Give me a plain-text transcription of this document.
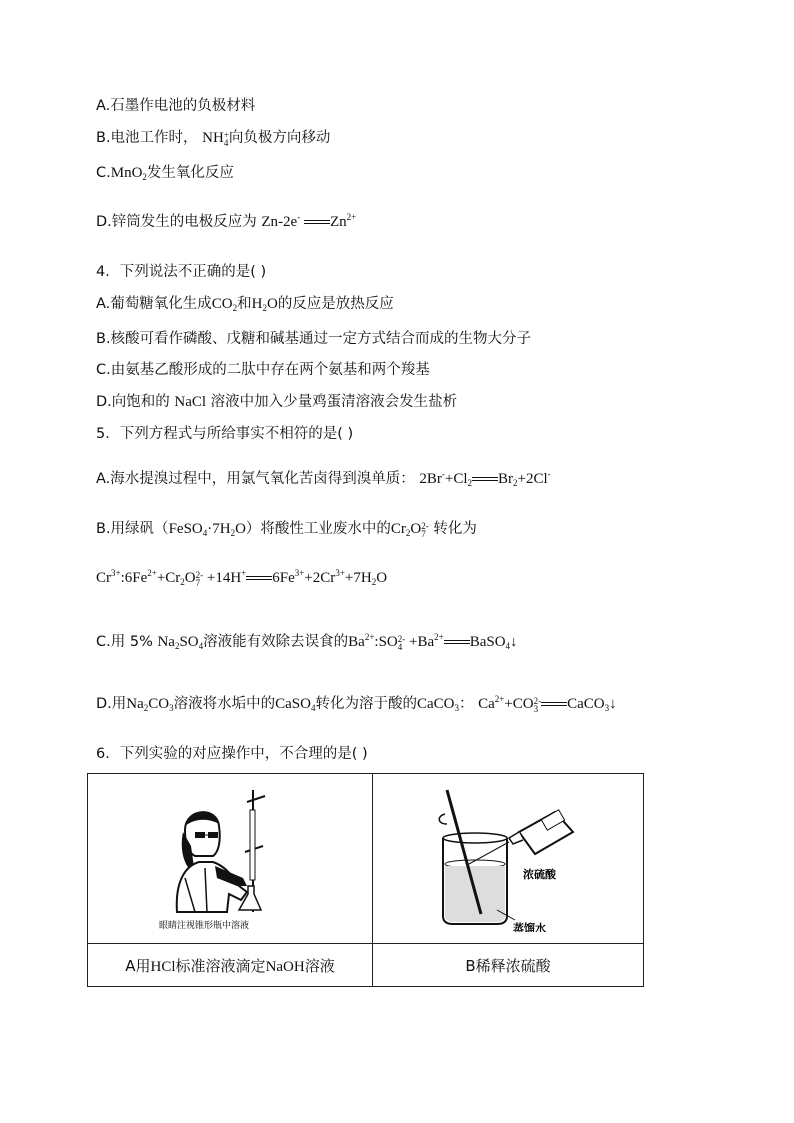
A.石墨作电池的负极材料
B.电池工作时， NH +
4 向负极方向移动
C.MnO$_2$发生氧化反应
D.锌筒发生的电极反应为 Zn-2e- $Zn^{2+}$
4．下列说法不正确的是( )
A.葡萄糖氧化生成$CO_2$和$H_2O$的反应是放热反应
B.核酸可看作磷酸、戊糖和碱基通过一定方式结合而成的生物大分子
C.由氨基乙酸形成的二肽中存在两个氨基和两个羧基
D.向饱和的 NaCl 溶液中加入少量鸡蛋清溶液会发生盐析
5．下列方程式与所给事实不相符的是( )
A.海水提溴过程中，用氯气氧化苦卤得到溴单质： $2Br^-+Cl_2$ $Br_2+2Cl^-$
B.用绿矾$(FeSO_4\cdot 7H_2O)$将酸性工业废水中的$Cr_2O$ 2-
7 转化为
$Cr^{3+}:6Fe^{2+}+Cr_2O$ 2-
7 +14H+ $6Fe^{3+}+2Cr^{3+}+7H_2O$
C.用 5% $Na_2SO_4$溶液能有效除去误食的$Ba^{2+}:SO$ 2-
$4 +Ba^{2+}$ BaSO$_4$↓
D.用$Na_2CO_3$溶液将水垢中的CaSO$_4$转化为溶于酸的CaCO$_3$： $Ca^{2+}+CO$ 2-
3 CaCO$_3$↓
6．下列实验的对应操作中，不合理的是( )
眼睛注视锥形瓶中溶液	浓硫酸
蒸馏水

A用HCl标准溶液滴定NaOH溶液	B稀释浓硫酸
